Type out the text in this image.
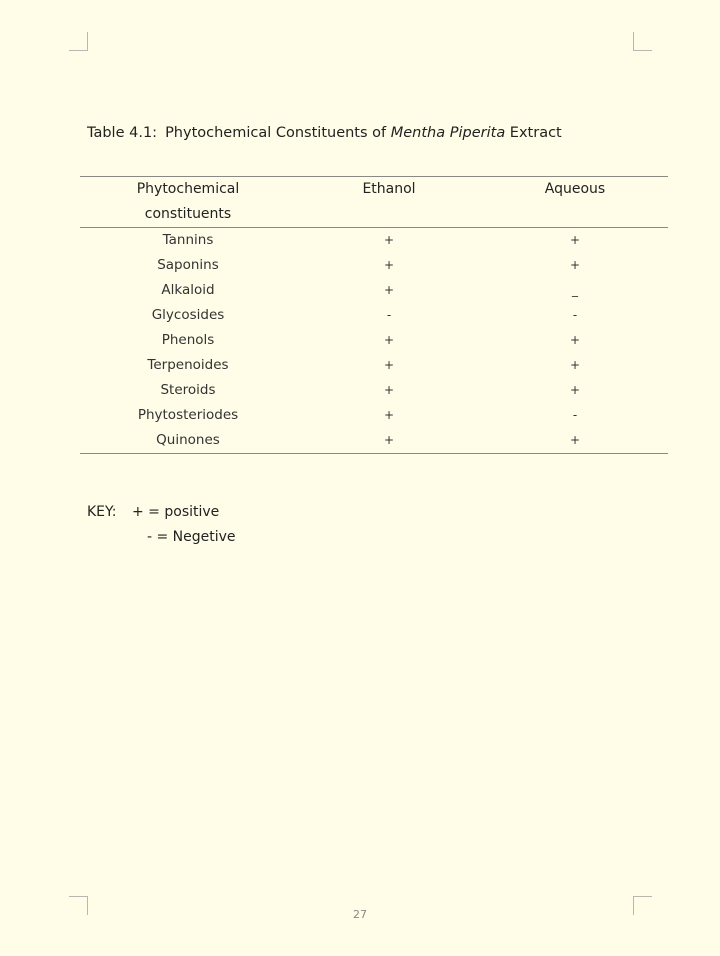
Table 4.1: Phytochemical Constituents of Mentha Piperita Extract
Phytochemical
constituents	Ethanol	Aqueous
Tannins	+	+
Saponins	+	+
Alkaloid	+	_
Glycosides	-	-
Phenols	+	+
Terpenoides	+	+
Steroids	+	+
Phytosteriodes	+	-
Quinones	+	+
KEY: + = positive
- = Negetive
27
